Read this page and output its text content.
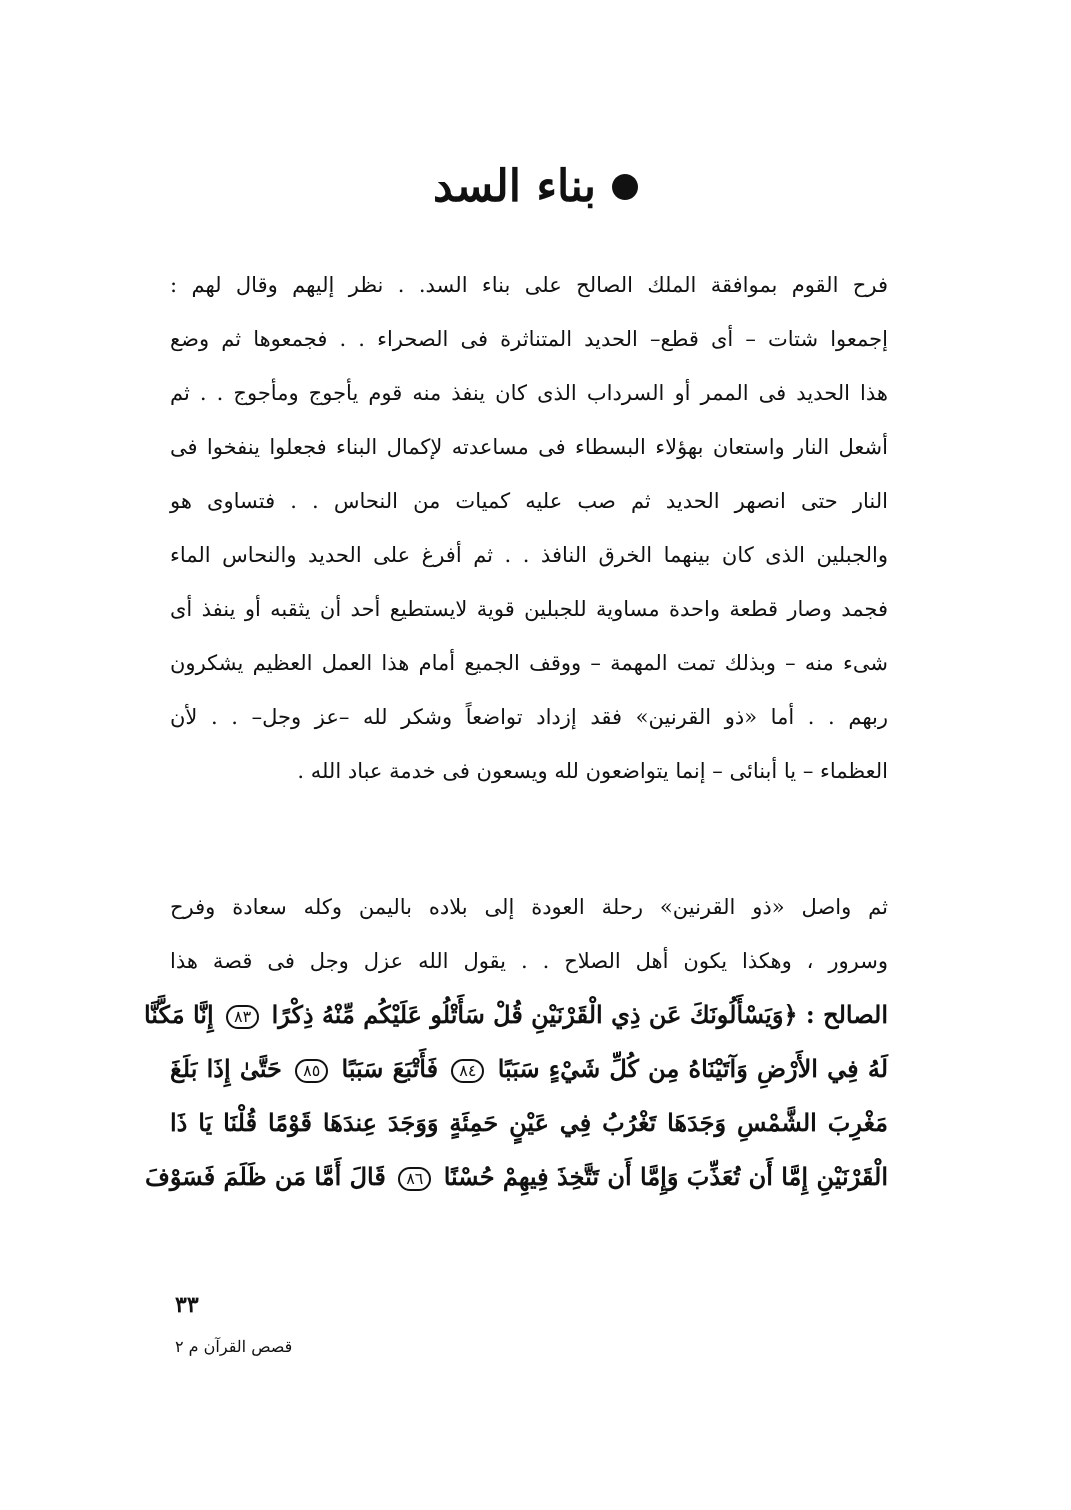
بناء السد
فرح القوم بموافقة الملك الصالح على بناء السد. . نظر إليهم وقال لهم :
إجمعوا شتات – أى قطع– الحديد المتناثرة فى الصحراء . . فجمعوها ثم وضع
هذا الحديد فى الممر أو السرداب الذى كان ينفذ منه قوم يأجوج ومأجوج . . ثم
أشعل النار واستعان بهؤلاء البسطاء فى مساعدته لإكمال البناء فجعلوا ينفخوا فى
النار حتى انصهر الحديد ثم صب عليه كميات من النحاس . . فتساوى هو
والجبلين الذى كان بينهما الخرق النافذ . . ثم أفرغ على الحديد والنحاس الماء
فجمد وصار قطعة واحدة مساوية للجبلين قوية لايستطيع أحد أن يثقبه أو ينفذ أى
شىء منه – وبذلك تمت المهمة – ووقف الجميع أمام هذا العمل العظيم يشكرون
ربهم . . أما «ذو القرنين» فقد إزداد تواضعاً وشكر لله –عز وجل– . . لأن
العظماء – يا أبنائى – إنما يتواضعون لله ويسعون فى خدمة عباد الله .
ثم واصل «ذو القرنين» رحلة العودة إلى بلاده باليمن وكله سعادة وفرح
وسرور ، وهكذا يكون أهل الصلاح . . يقول الله عزل وجل فى قصة هذا
الصالح : ﴿وَيَسْأَلُونَكَ عَن ذِي الْقَرْنَيْنِ قُلْ سَأَتْلُو عَلَيْكُم مِّنْهُ ذِكْرًا ٨٣ إِنَّا مَكَّنَّا
لَهُ فِي الأَرْضِ وَآتَيْنَاهُ مِن كُلِّ شَيْءٍ سَبَبًا ٨٤ فَأَتْبَعَ سَبَبًا ٨٥ حَتَّىٰ إِذَا بَلَغَ
مَغْرِبَ الشَّمْسِ وَجَدَهَا تَغْرُبُ فِي عَيْنٍ حَمِئَةٍ وَوَجَدَ عِندَهَا قَوْمًا قُلْنَا يَا ذَا
الْقَرْنَيْنِ إِمَّا أَن تُعَذِّبَ وَإِمَّا أَن تَتَّخِذَ فِيهِمْ حُسْنًا ٨٦ قَالَ أَمَّا مَن ظَلَمَ فَسَوْفَ
٣٣
قصص القرآن م ٢
